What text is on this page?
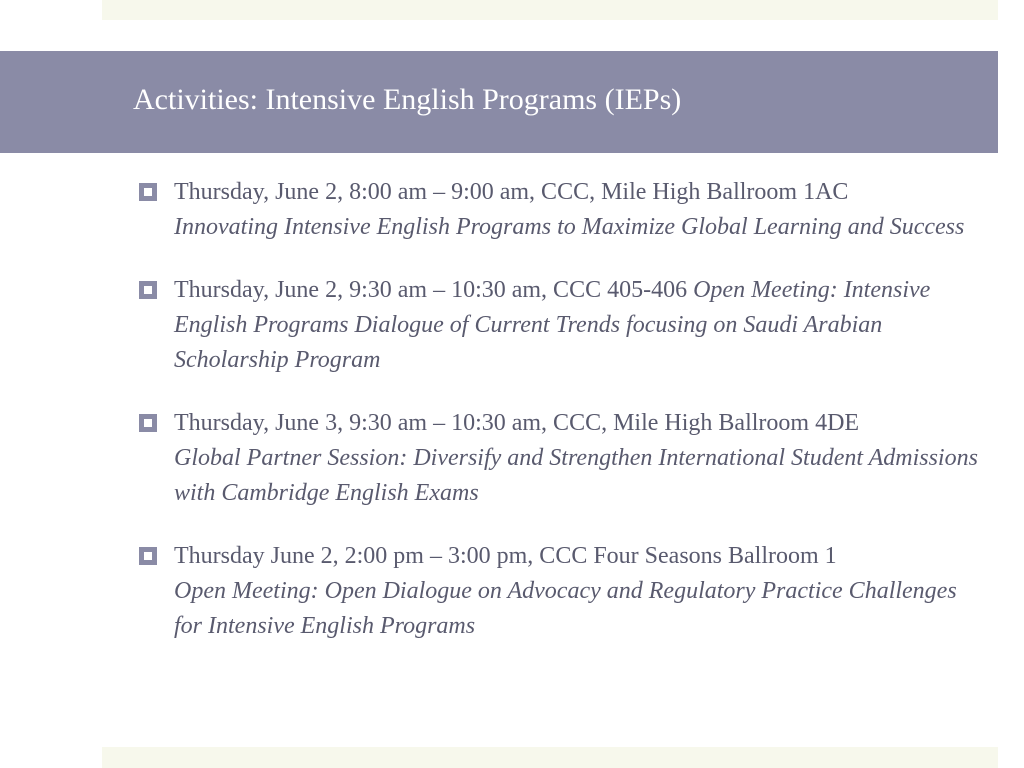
Activities: Intensive English Programs (IEPs)
Thursday, June 2, 8:00 am – 9:00 am, CCC, Mile High Ballroom 1AC
Innovating Intensive English Programs to Maximize Global Learning and Success
Thursday, June 2, 9:30 am – 10:30 am, CCC 405-406 Open Meeting: Intensive English Programs Dialogue of Current Trends focusing on Saudi Arabian Scholarship Program
Thursday, June 3, 9:30 am – 10:30 am, CCC, Mile High Ballroom 4DE
Global Partner Session: Diversify and Strengthen International Student Admissions with Cambridge English Exams
Thursday June 2, 2:00 pm – 3:00 pm, CCC Four Seasons Ballroom 1
Open Meeting: Open Dialogue on Advocacy and Regulatory Practice Challenges for Intensive English Programs
